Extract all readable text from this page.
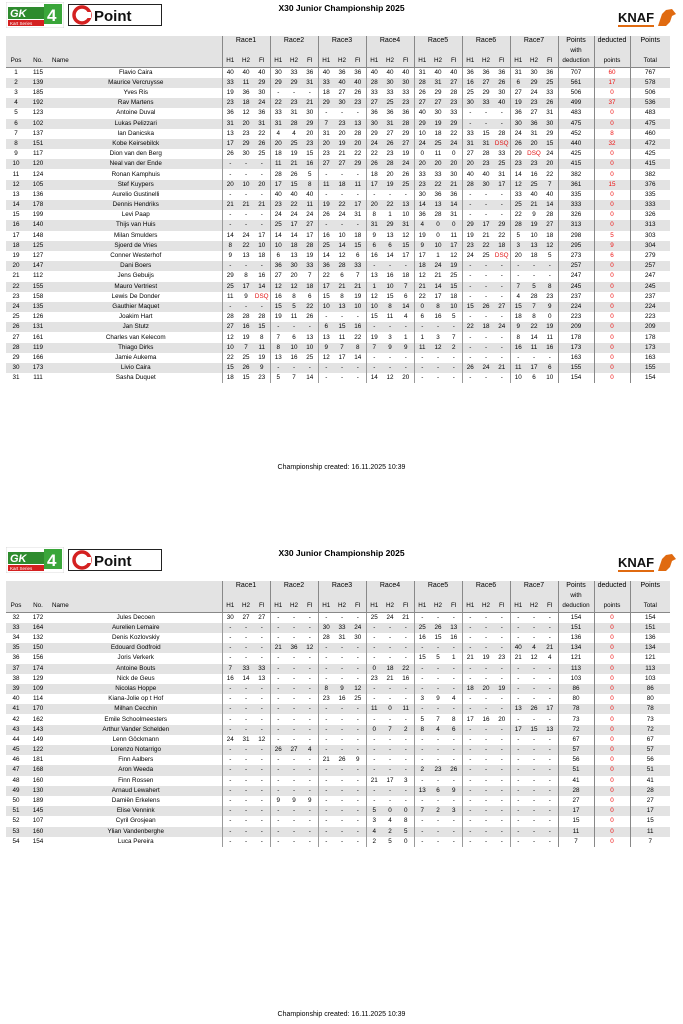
GK 4
Kart Series	Point	X30 Junior Championship 2025
KNAF
			Race1			Race2			Race3			Race4			Race5			Race6			Race7			Points	deducted	Points
																								with		
Pos	No.	Name	H1	H2	FI	H1	H2	FI	H1	H2	FI	H1	H2	FI	H1	H2	FI	H1	H2	FI	H1	H2	FI	deduction	points	Total
1	115	Flavio Caira	40	40	40	30	33	36	40	36	36	40	40	40	31	40	40	36	36	36	31	30	36	707	60	767
2	139	Maurice Vercruysse	33	11	29	29	29	31	33	40	40	28	30	30	28	31	27	16	27	26	6	29	25	561	17	578
3	185	Yves Ris	19	36	30	-	-	-	18	27	26	33	33	33	26	29	28	25	29	30	27	24	33	506	0	506
4	192	Rav Martens	23	18	24	22	23	21	29	30	23	27	25	23	27	27	23	30	33	40	19	23	26	499	37	536
5	123	Antoine Duval	36	12	36	33	31	30	-	-	-	36	36	36	40	30	33	-	-	-	36	27	31	483	0	483
6	102	Lukas Pelizzari	31	20	31	31	28	29	7	23	13	30	31	28	29	19	29	-	-	-	30	36	30	475	0	475
7	137	Ian Danicska	13	23	22	4	4	20	31	20	28	29	27	29	10	18	22	33	15	28	24	31	29	452	8	460
8	151	Kobe Keirsebilck	17	29	26	20	25	23	20	19	20	24	26	27	24	25	24	31	31	DSQ	26	20	15	440	32	472
9	117	Dion van den Berg	26	30	25	18	19	15	23	21	22	22	23	19	0	11	0	27	28	33	29	DSQ	24	425	0	425
10	120	Neal van der Ende	-	-	-	11	21	16	27	27	29	26	28	24	20	20	20	20	23	25	23	23	20	415	0	415
11	124	Ronan Kamphuis	-	-	-	28	26	5	-	-	-	18	20	26	33	33	30	40	40	31	14	16	22	382	0	382
12	105	Stef Kuypers	20	10	20	17	15	8	11	18	11	17	19	25	23	22	21	28	30	17	12	25	7	361	15	376
13	136	Aurelio Gustinelli	-	-	-	40	40	40	-	-	-	-	-	-	30	36	36	-	-	-	33	40	40	335	0	335
14	178	Dennis Hendriks	21	21	21	23	22	11	19	22	17	20	22	13	14	13	14	-	-	-	25	21	14	333	0	333
15	199	Levi Paap	-	-	-	24	24	24	26	24	31	8	1	10	36	28	31	-	-	-	22	9	28	326	0	326
16	140	Thijs van Huis	-	-	-	25	17	27	-	-	-	31	29	31	4	0	0	29	17	29	28	19	27	313	0	313
17	148	Milan Smulders	14	24	17	14	14	17	16	10	18	9	13	12	19	0	11	19	21	22	5	10	18	298	5	303
18	125	Sjoerd de Vries	8	22	10	10	18	28	25	14	15	6	6	15	9	10	17	23	22	18	3	13	12	295	9	304
19	127	Conner Westerhof	9	13	18	6	13	19	14	12	6	16	14	17	17	1	12	24	25	DSQ	20	18	5	273	6	279
20	147	Dani Boers	-	-	-	36	30	33	36	28	33	-	-	-	18	24	19	-	-	-	-	-	-	257	0	257
21	112	Jens Gebuijs	29	8	16	27	20	7	22	6	7	13	16	18	12	21	25	-	-	-	-	-	-	247	0	247
22	155	Mauro Vertriest	25	17	14	12	12	18	17	21	21	1	10	7	21	14	15	-	-	-	7	5	8	245	0	245
23	158	Lewis De Donder	11	9	DSQ	16	8	6	15	8	19	12	15	6	22	17	18	-	-	-	4	28	23	237	0	237
24	135	Gauthier Maquet	-	-	-	15	5	22	10	13	10	10	8	14	0	8	10	15	26	27	15	7	9	224	0	224
25	126	Joakim Hart	28	28	28	19	11	26	-	-	-	15	11	4	6	16	5	-	-	-	18	8	0	223	0	223
26	131	Jan Stutz	27	16	15	-	-	-	6	15	16	-	-	-	-	-	-	22	18	24	9	22	19	209	0	209
27	161	Charles van Kelecom	12	19	8	7	6	13	13	11	22	19	3	1	1	3	7	-	-	-	8	14	11	178	0	178
28	119	Thiago Dirks	10	7	11	8	10	10	9	7	8	7	9	9	11	12	2	-	-	-	16	11	16	173	0	173
29	166	Jamie Aukema	22	25	19	13	16	25	12	17	14	-	-	-	-	-	-	-	-	-	-	-	-	163	0	163
30	173	Livio Caira	15	26	9	-	-	-	-	-	-	-	-	-	-	-	-	26	24	21	11	17	6	155	0	155
31	111	Sasha Duquet	18	15	23	5	7	14	-	-	-	14	12	20	-	-	-	-	-	-	10	6	10	154	0	154
Championship created: 16.11.2025 10:39
GK 4
Kart Series	Point	X30 Junior Championship 2025
KNAF
			Race1			Race2			Race3			Race4			Race5			Race6			Race7			Points	deducted	Points
																								with		
Pos	No.	Name	H1	H2	FI	H1	H2	FI	H1	H2	FI	H1	H2	FI	H1	H2	FI	H1	H2	FI	H1	H2	FI	deduction	points	Total
32	172	Jules Decoen	30	27	27	-	-	-	-	-	-	25	24	21	-	-	-	-	-	-	-	-	-	154	0	154
33	164	Aurelien Lemaire	-	-	-	-	-	-	30	33	24	-	-	-	25	26	13	-	-	-	-	-	-	151	0	151
34	132	Denis Kozlovskiy	-	-	-	-	-	-	28	31	30	-	-	-	16	15	16	-	-	-	-	-	-	136	0	136
35	150	Edouard Godfroid	-	-	-	21	36	12	-	-	-	-	-	-	-	-	-	-	-	-	40	4	21	134	0	134
36	156	Joris Verkerk	-	-	-	-	-	-	-	-	-	-	-	-	15	5	1	21	19	23	21	12	4	121	0	121
37	174	Antoine Bouts	7	33	33	-	-	-	-	-	-	0	18	22	-	-	-	-	-	-	-	-	-	113	0	113
38	129	Nick de Geus	16	14	13	-	-	-	-	-	-	23	21	16	-	-	-	-	-	-	-	-	-	103	0	103
39	109	Nicolas Hoppe	-	-	-	-	-	-	8	9	12	-	-	-	-	-	-	18	20	19	-	-	-	86	0	86
40	114	Kiana-Jolie op t Hof	-	-	-	-	-	-	23	16	25	-	-	-	3	9	4	-	-	-	-	-	-	80	0	80
41	170	Milhan Cecchin	-	-	-	-	-	-	-	-	-	11	0	11	-	-	-	-	-	-	13	26	17	78	0	78
42	162	Emile Schoolmeesters	-	-	-	-	-	-	-	-	-	-	-	-	5	7	8	17	16	20	-	-	-	73	0	73
43	143	Arthur Vander Schelden	-	-	-	-	-	-	-	-	-	0	7	2	8	4	6	-	-	-	17	15	13	72	0	72
44	149	Lenn Göckmann	24	31	12	-	-	-	-	-	-	-	-	-	-	-	-	-	-	-	-	-	-	67	0	67
45	122	Lorenzo Notarrigo	-	-	-	26	27	4	-	-	-	-	-	-	-	-	-	-	-	-	-	-	-	57	0	57
46	181	Finn Aalbers	-	-	-	-	-	-	21	26	9	-	-	-	-	-	-	-	-	-	-	-	-	56	0	56
47	168	Aron Weeda	-	-	-	-	-	-	-	-	-	-	-	-	2	23	26	-	-	-	-	-	-	51	0	51
48	160	Finn Rossen	-	-	-	-	-	-	-	-	-	21	17	3	-	-	-	-	-	-	-	-	-	41	0	41
49	130	Arnaud Lewahert	-	-	-	-	-	-	-	-	-	-	-	-	13	6	9	-	-	-	-	-	-	28	0	28
50	189	Damiën Erkelens	-	-	-	9	9	9	-	-	-	-	-	-	-	-	-	-	-	-	-	-	-	27	0	27
51	145	Elise Vennink	-	-	-	-	-	-	-	-	-	5	0	0	7	2	3	-	-	-	-	-	-	17	0	17
52	107	Cyril Grosjean	-	-	-	-	-	-	-	-	-	3	4	8	-	-	-	-	-	-	-	-	-	15	0	15
53	160	Ylian Vandenberghe	-	-	-	-	-	-	-	-	-	4	2	5	-	-	-	-	-	-	-	-	-	11	0	11
54	154	Luca Pereira	-	-	-	-	-	-	-	-	-	2	5	0	-	-	-	-	-	-	-	-	-	7	0	7
Championship created: 16.11.2025 10:39
